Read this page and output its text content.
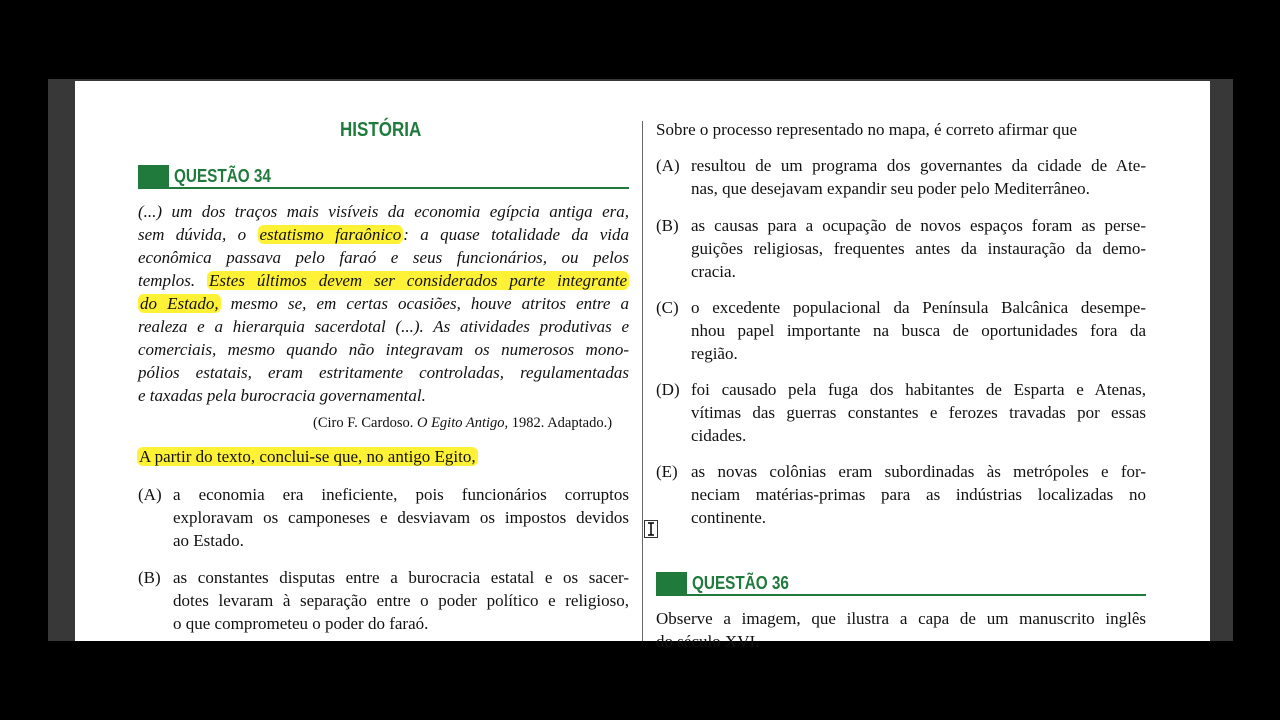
HISTÓRIA
QUESTÃO 34
(...) um dos traços mais visíveis da economia egípcia antiga era,
sem dúvida, o estatismo faraônico : a quase totalidade da vida
econômica passava pelo faraó e seus funcionários, ou pelos
templos. Estes últimos devem ser considerados parte integrante
do Estado, mesmo se, em certas ocasiões, houve atritos entre a
realeza e a hierarquia sacerdotal (...). As atividades produtivas e
comerciais, mesmo quando não integravam os numerosos mono-
pólios estatais, eram estritamente controladas, regulamentadas
e taxadas pela burocracia governamental.
(Ciro F. Cardoso. O Egito Antigo, 1982. Adaptado.)
A partir do texto, conclui-se que, no antigo Egito,
(A) a economia era ineficiente, pois funcionários corruptos
exploravam os camponeses e desviavam os impostos devidos
ao Estado.
(B) as constantes disputas entre a burocracia estatal e os sacer-
dotes levaram à separação entre o poder político e religioso,
o que comprometeu o poder do faraó.
Sobre o processo representado no mapa, é correto afirmar que
(A) resultou de um programa dos governantes da cidade de Ate-
nas, que desejavam expandir seu poder pelo Mediterrâneo.
(B) as causas para a ocupação de novos espaços foram as perse-
guições religiosas, frequentes antes da instauração da demo-
cracia.
(C) o excedente populacional da Península Balcânica desempe-
nhou papel importante na busca de oportunidades fora da
região.
(D) foi causado pela fuga dos habitantes de Esparta e Atenas,
vítimas das guerras constantes e ferozes travadas por essas
cidades.
(E) as novas colônias eram subordinadas às metrópoles e for-
neciam matérias-primas para as indústrias localizadas no
continente.
QUESTÃO 36
Observe a imagem, que ilustra a capa de um manuscrito inglês
do século XVI.
